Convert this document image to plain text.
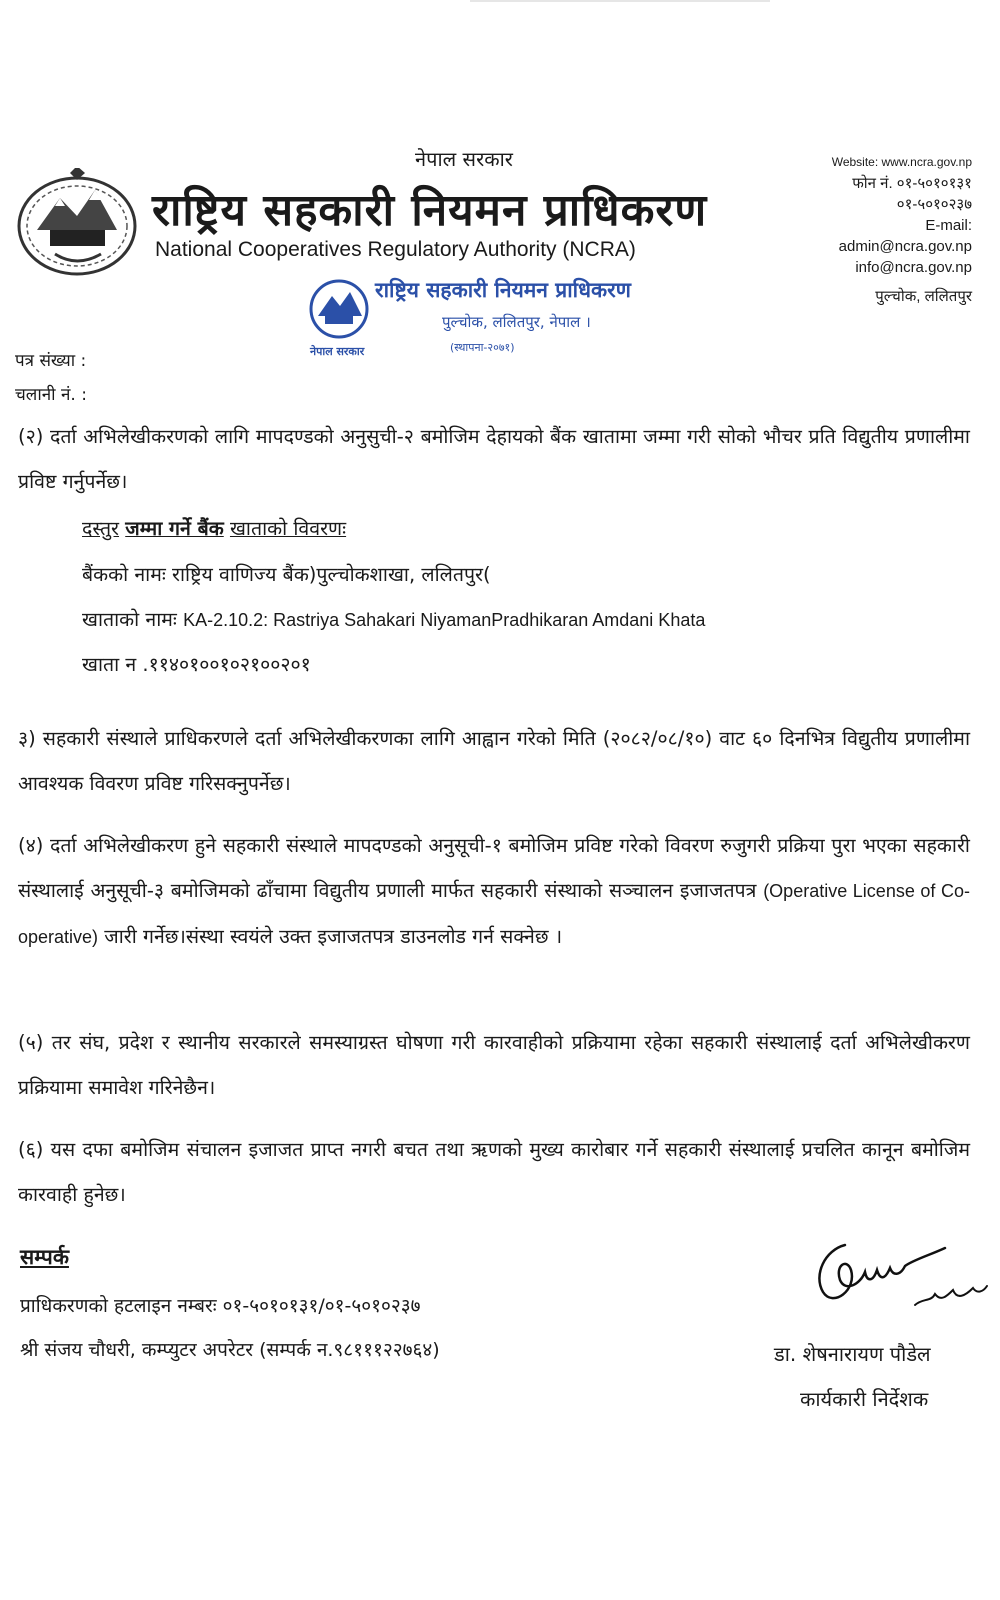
नेपाल सरकार
राष्ट्रिय सहकारी नियमन प्राधिकरण
National Cooperatives Regulatory Authority (NCRA)
Website: www.ncra.gov.np
फोन नं. ०१-५०१०१३१
०१-५०१०२३७
E-mail:
admin@ncra.gov.np
info@ncra.gov.np
पुल्चोक, ललितपुर
राष्ट्रिय सहकारी नियमन प्राधिकरण
पुल्चोक, ललितपुर, नेपाल ।
(स्थापना-२०७१)
नेपाल सरकार
पत्र संख्या :
चलानी नं. :
(२) दर्ता अभिलेखीकरणको लागि मापदण्डको अनुसुची-२ बमोजिम देहायको बैंक खातामा जम्मा गरी सोको भौचर प्रति विद्युतीय प्रणालीमा प्रविष्ट गर्नुपर्नेछ।
दस्तुर जम्मा गर्ने बैंक खाताको विवरणः
बैंकको नामः राष्ट्रिय वाणिज्य बैंक)पुल्चोकशाखा, ललितपुर(
खाताको नामः KA-2.10.2: Rastriya Sahakari NiyamanPradhikaran Amdani Khata
खाता न .११४०१००१०२१००२०१
३) सहकारी संस्थाले प्राधिकरणले दर्ता अभिलेखीकरणका लागि आह्वान गरेको मिति (२०८२/०८/१०) वाट ६० दिनभित्र विद्युतीय प्रणालीमा आवश्यक विवरण प्रविष्ट गरिसक्नुपर्नेछ।
(४) दर्ता अभिलेखीकरण हुने सहकारी संस्थाले मापदण्डको अनुसूची-१ बमोजिम प्रविष्ट गरेको विवरण रुजुगरी प्रक्रिया पुरा भएका सहकारी संस्थालाई अनुसूची-३ बमोजिमको ढाँचामा विद्युतीय प्रणाली मार्फत सहकारी संस्थाको सञ्चालन इजाजतपत्र (Operative License of Co-operative) जारी गर्नेछ।संस्था स्वयंले उक्त इजाजतपत्र डाउनलोड गर्न सक्नेछ ।
(५) तर संघ, प्रदेश र स्थानीय सरकारले समस्याग्रस्त घोषणा गरी कारवाहीको प्रक्रियामा रहेका सहकारी संस्थालाई दर्ता अभिलेखीकरण प्रक्रियामा समावेश गरिनेछैन।
(६) यस दफा बमोजिम संचालन इजाजत प्राप्त नगरी बचत तथा ऋणको मुख्य कारोबार गर्ने सहकारी संस्थालाई प्रचलित कानून बमोजिम कारवाही हुनेछ।
सम्पर्क
प्राधिकरणको हटलाइन नम्बरः ०१-५०१०१३१/०१-५०१०२३७
श्री संजय चौधरी, कम्प्युटर अपरेटर (सम्पर्क न.९८१११२२७६४)	डा. शेषनारायण पौडेल
कार्यकारी निर्देशक
